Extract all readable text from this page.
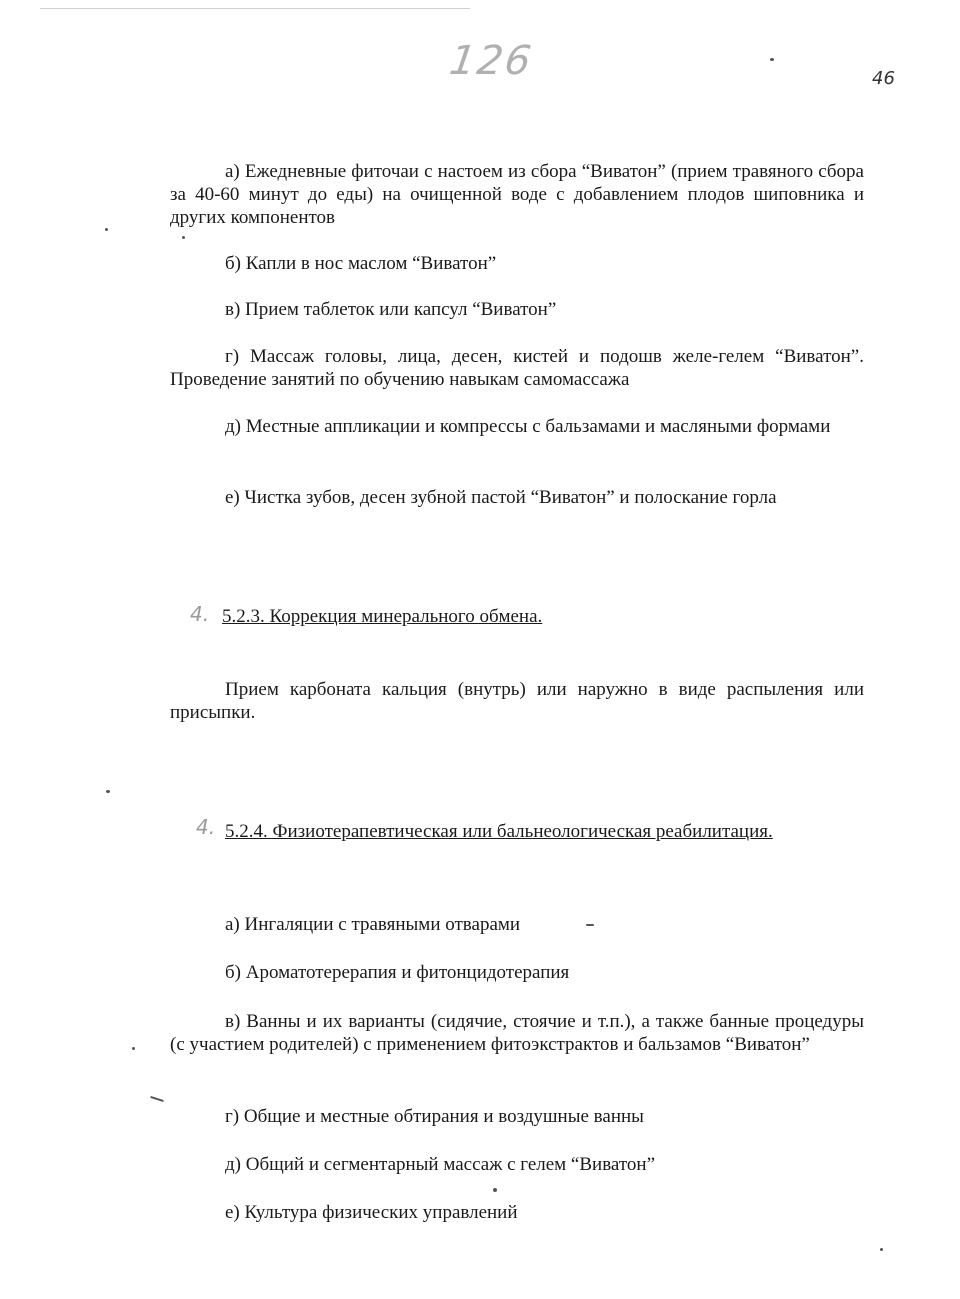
126	46

а) Ежедневные фиточаи с настоем из сбора “Виватон” (прием травяного сбора за 40-60 минут до еды) на очищенной воде с добавлением плодов шиповника и других компонентов

б) Капли в нос маслом “Виватон”

в) Прием таблеток или капсул “Виватон”

г) Массаж головы, лица, десен, кистей и подошв желе-гелем “Виватон”. Проведение занятий по обучению навыкам самомассажа

д) Местные аппликации и компрессы с бальзамами и масляными формами

е) Чистка зубов, десен зубной пастой “Виватон” и полоскание горла

4. 5.2.3. Коррекция минерального обмена.

Прием карбоната кальция (внутрь) или наружно в виде распыления или присыпки.

4. 5.2.4. Физиотерапевтическая или бальнеологическая реабилитация.

а) Ингаляции с травяными отварами

б) Ароматотерерапия и фитонцидотерапия

в) Ванны и их варианты (сидячие, стоячие и т.п.), а также банные процедуры (с участием родителей) с применением фитоэкстрактов и бальзамов “Виватон”

г) Общие и местные обтирания и воздушные ванны

д) Общий и сегментарный массаж с гелем “Виватон”

е) Культура физических управлений
